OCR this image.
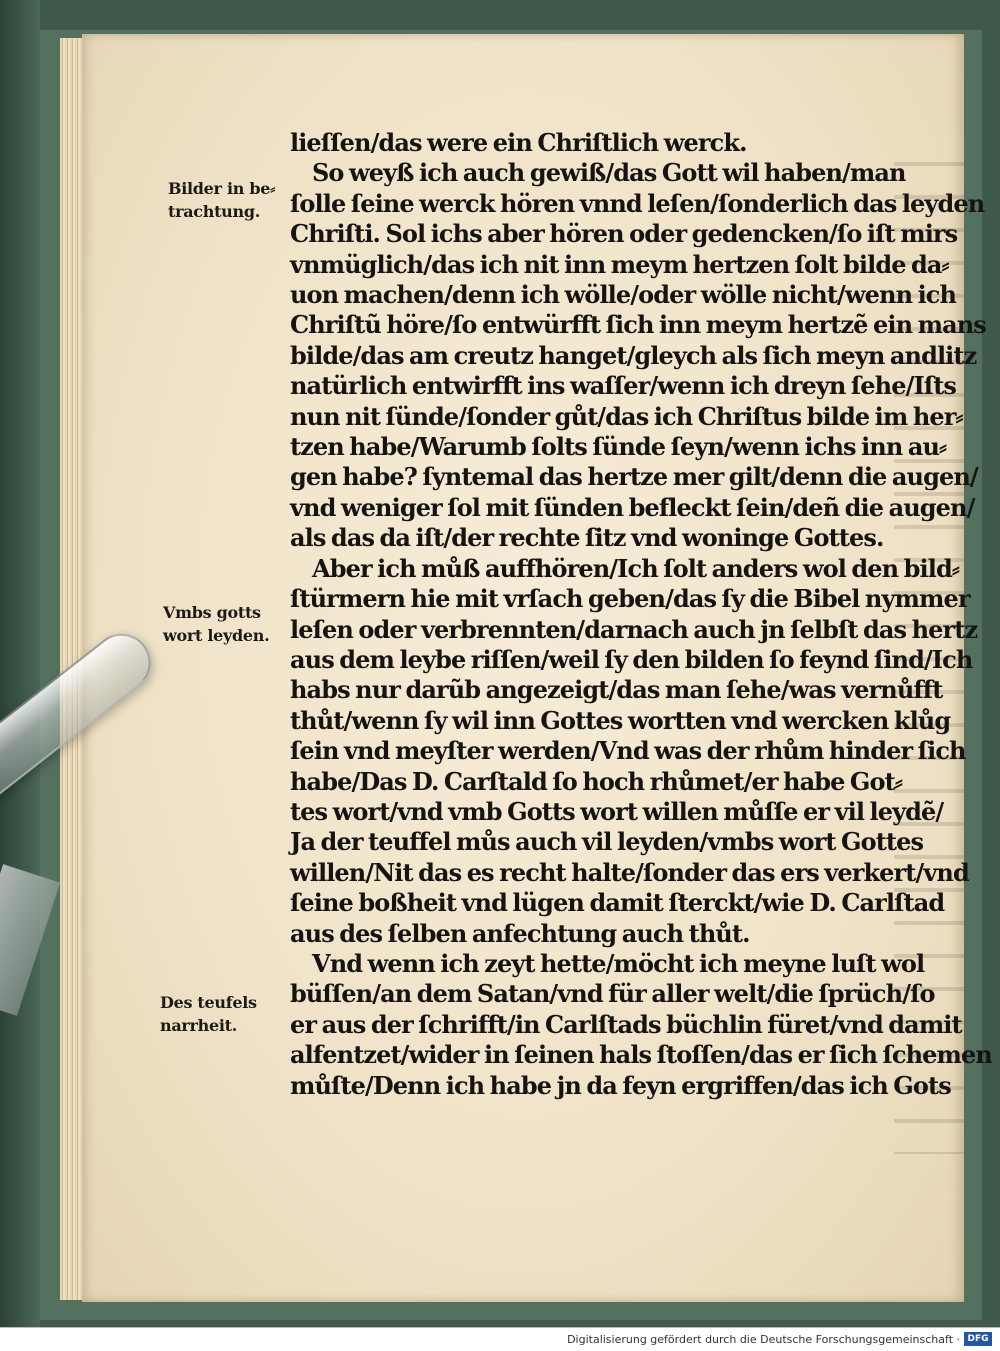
lieſſen/das were ein Chriſtlich werck.
So weyß ich auch gewiß/das Gott wil haben/man
ſolle ſeine werck hören vnnd leſen/ſonderlich das leyden
Chriſti. Sol ichs aber hören oder gedencken/ſo iſt mirs
vnmüglich/das ich nit inn meym hertzen ſolt bilde da⸗
uon machen/denn ich wölle/oder wölle nicht/wenn ich
Chriſtũ höre/ſo entwürfft ſich inn meym hertzẽ ein mans
bilde/das am creutz hanget/gleych als ſich meyn andlitz
natürlich entwirfft ins waſſer/wenn ich dreyn ſehe/Iſts
nun nit ſünde/ſonder gůt/das ich Chriſtus bilde im her⸗
tzen habe/Warumb ſolts ſünde ſeyn/wenn ichs inn au⸗
gen habe? ſyntemal das hertze mer gilt/denn die augen/
vnd weniger ſol mit ſünden befleckt ſein/deñ die augen/
als das da iſt/der rechte ſitz vnd woninge Gottes.
Aber ich můß auffhören/Ich ſolt anders wol den bild⸗
ſtürmern hie mit vrſach geben/das ſy die Bibel nymmer
leſen oder verbrennten/darnach auch jn ſelbſt das hertz
aus dem leybe riſſen/weil ſy den bilden ſo feynd ſind/Ich
habs nur darũb angezeigt/das man ſehe/was vernůfft
thůt/wenn ſy wil inn Gottes wortten vnd wercken klůg
ſein vnd meyſter werden/Vnd was der rhům hinder ſich
habe/Das D. Carſtald ſo hoch rhůmet/er habe Got⸗
tes wort/vnd vmb Gotts wort willen můſſe er vil leydẽ/
Ja der teuffel můs auch vil leyden/vmbs wort Gottes
willen/Nit das es recht halte/ſonder das ers verkert/vnd
ſeine boßheit vnd lügen damit ſterckt/wie D. Carlſtad
aus des ſelben anfechtung auch thůt.
Vnd wenn ich zeyt hette/möcht ich meyne luſt wol
büſſen/an dem Satan/vnd für aller welt/die ſprüch/ſo
er aus der ſchrifft/in Carlſtads büchlin füret/vnd damit
alfentzet/wider in ſeinen hals ſtoſſen/das er ſich ſchemen
můſte/Denn ich habe jn da feyn ergriffen/das ich Gots
Bilder in be⸗
trachtung.
Vmbs gotts
wort leyden.
Des teufels
narrheit.
Digitalisierung gefördert durch die Deutsche Forschungsgemeinschaft · DFG
